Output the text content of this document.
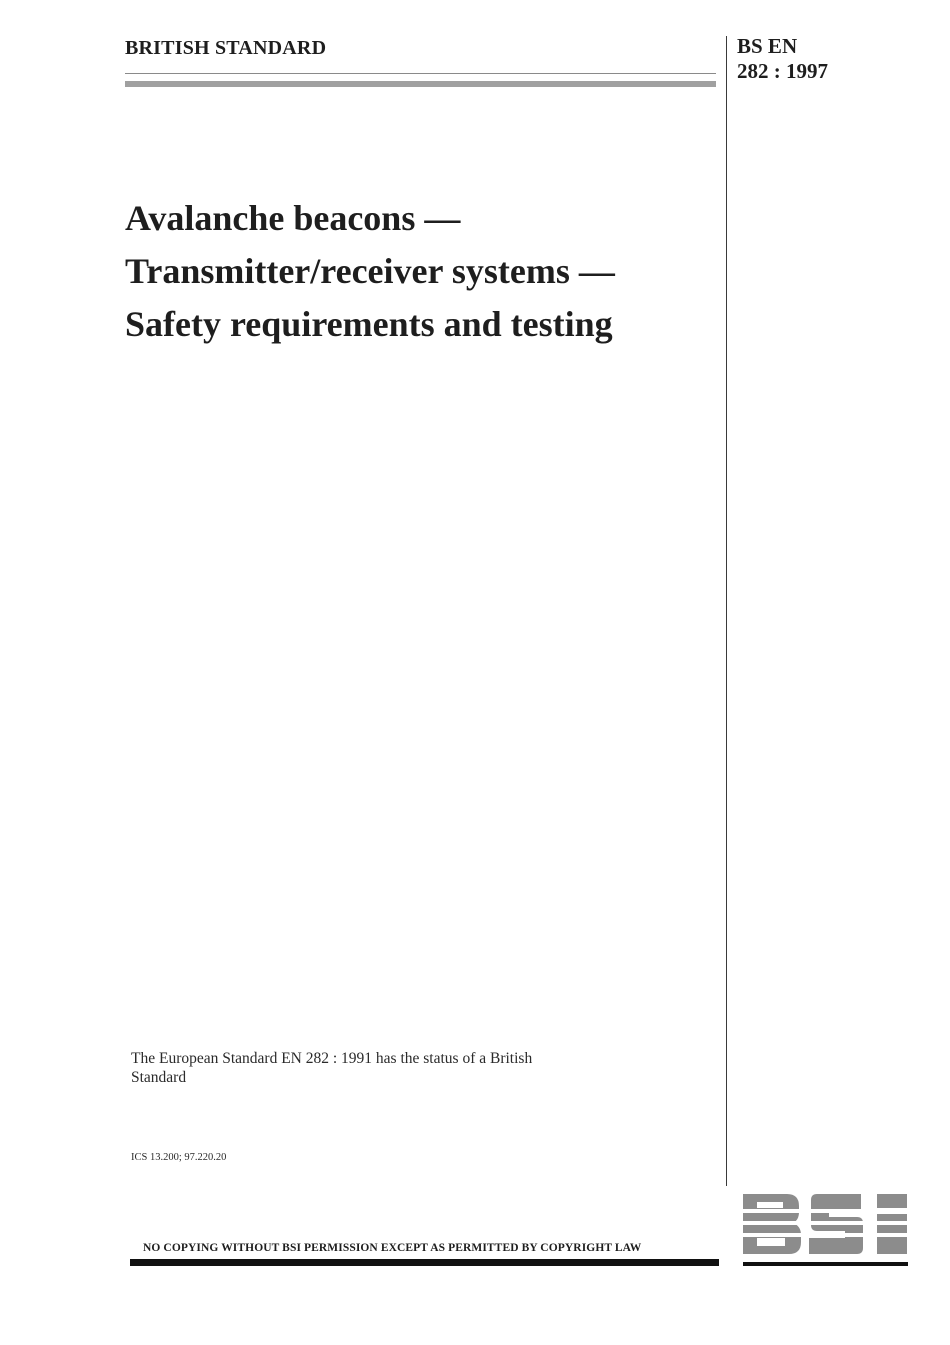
BRITISH STANDARD	BS EN
282 : 1997
Avalanche beacons —
Transmitter/receiver systems —
Safety requirements and testing
The European Standard EN 282 : 1991 has the status of a British Standard
ICS 13.200; 97.220.20
NO COPYING WITHOUT BSI PERMISSION EXCEPT AS PERMITTED BY COPYRIGHT LAW
BSI
